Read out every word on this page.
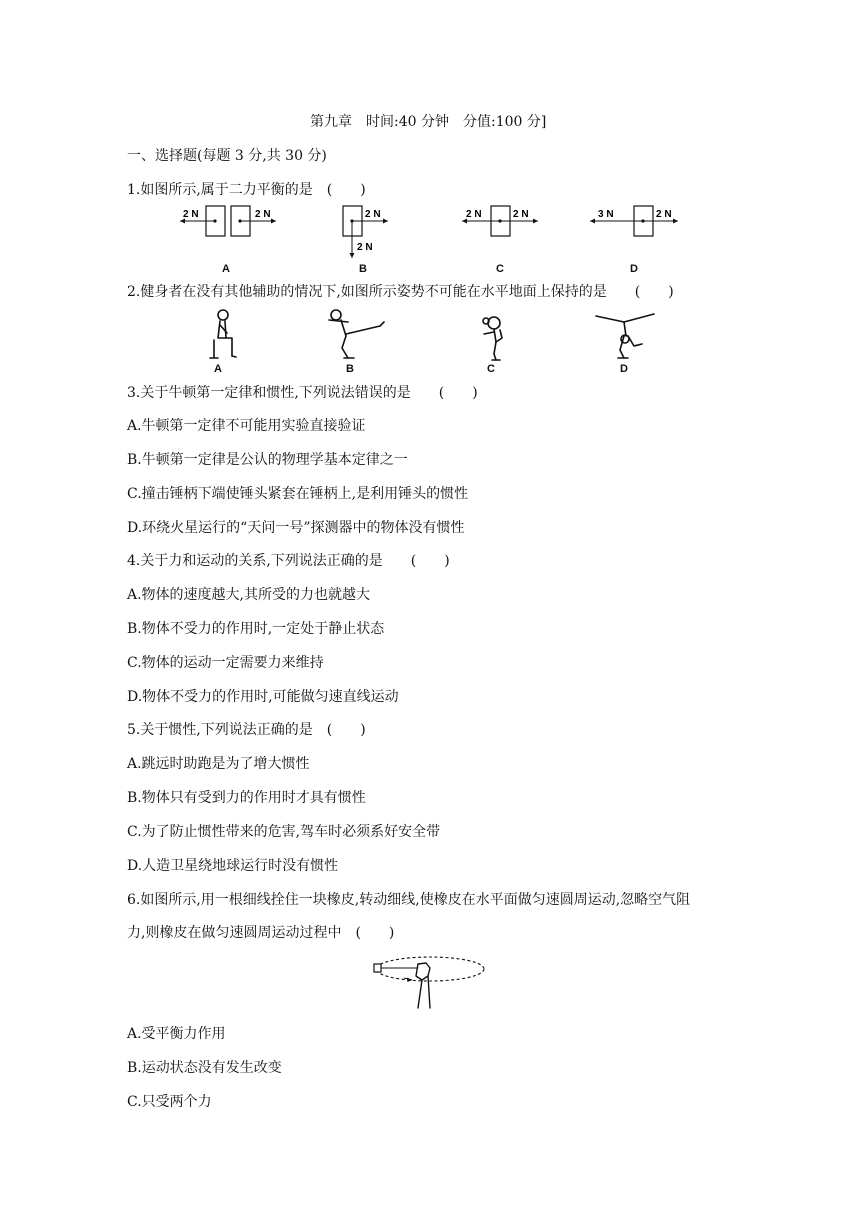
第九章　时间:40 分钟　分值:100 分]
一、选择题(每题 3 分,共 30 分)
1.如图所示,属于二力平衡的是　(　　)
2 N	2 N
A
2 N
2 N
B
2 N	2 N
C
3 N	2 N
D
2.健身者在没有其他辅助的情况下,如图所示姿势不可能在水平地面上保持的是　　(　　)
A	B	C	D
3.关于牛顿第一定律和惯性,下列说法错误的是　　(　　)
A.牛顿第一定律不可能用实验直接验证
B.牛顿第一定律是公认的物理学基本定律之一
C.撞击锤柄下端使锤头紧套在锤柄上,是利用锤头的惯性
D.环绕火星运行的“天问一号”探测器中的物体没有惯性
4.关于力和运动的关系,下列说法正确的是　　(　　)
A.物体的速度越大,其所受的力也就越大
B.物体不受力的作用时,一定处于静止状态
C.物体的运动一定需要力来维持
D.物体不受力的作用时,可能做匀速直线运动
5.关于惯性,下列说法正确的是　(　　)
A.跳远时助跑是为了增大惯性
B.物体只有受到力的作用时才具有惯性
C.为了防止惯性带来的危害,驾车时必须系好安全带
D.人造卫星绕地球运行时没有惯性
6.如图所示,用一根细线拴住一块橡皮,转动细线,使橡皮在水平面做匀速圆周运动,忽略空气阻
力,则橡皮在做匀速圆周运动过程中　(　　)
A.受平衡力作用
B.运动状态没有发生改变
C.只受两个力
